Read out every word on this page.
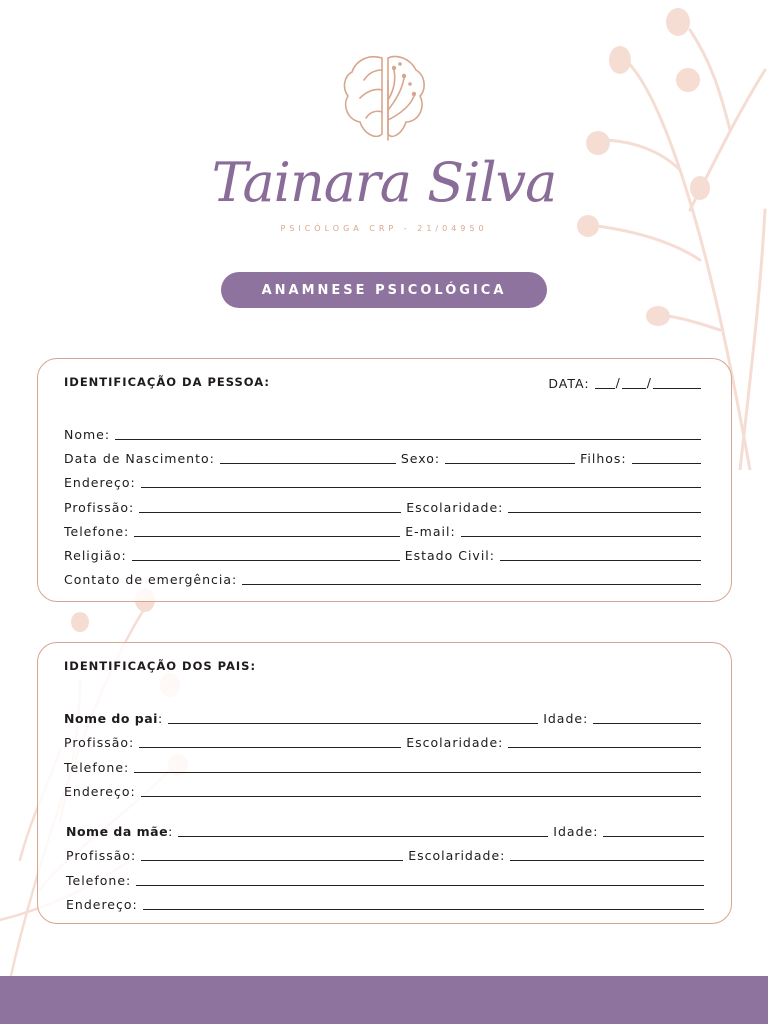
Tainara Silva
PSICÓLOGA CRP - 21/04950
ANAMNESE PSICOLÓGICA
IDENTIFICAÇÃO DA PESSOA:	DATA: / /
Nome:
Data de Nascimento:	Sexo:	Filhos:
Endereço:
Profissão:	Escolaridade:
Telefone:	E-mail:
Religião:	Estado Civil:
Contato de emergência:
IDENTIFICAÇÃO DOS PAIS:
Nome do pai :	Idade:
Profissão:	Escolaridade:
Telefone:
Endereço:
Nome da mãe :	Idade:
Profissão:	Escolaridade:
Telefone:
Endereço:
